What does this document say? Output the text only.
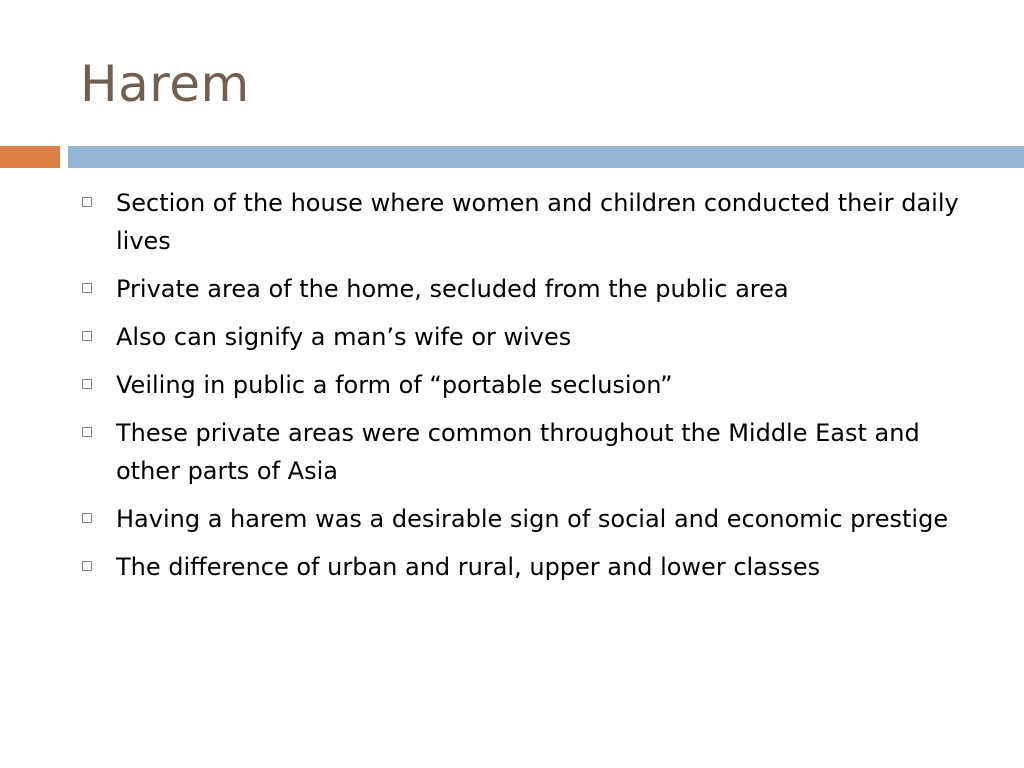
Harem
Section of the house where women and children conducted their daily lives
Private area of the home, secluded from the public area
Also can signify a man’s wife or wives
Veiling in public a form of “portable seclusion”
These private areas were common throughout the Middle East and other parts of Asia
Having a harem was a desirable sign of social and economic prestige
The difference of urban and rural, upper and lower classes
